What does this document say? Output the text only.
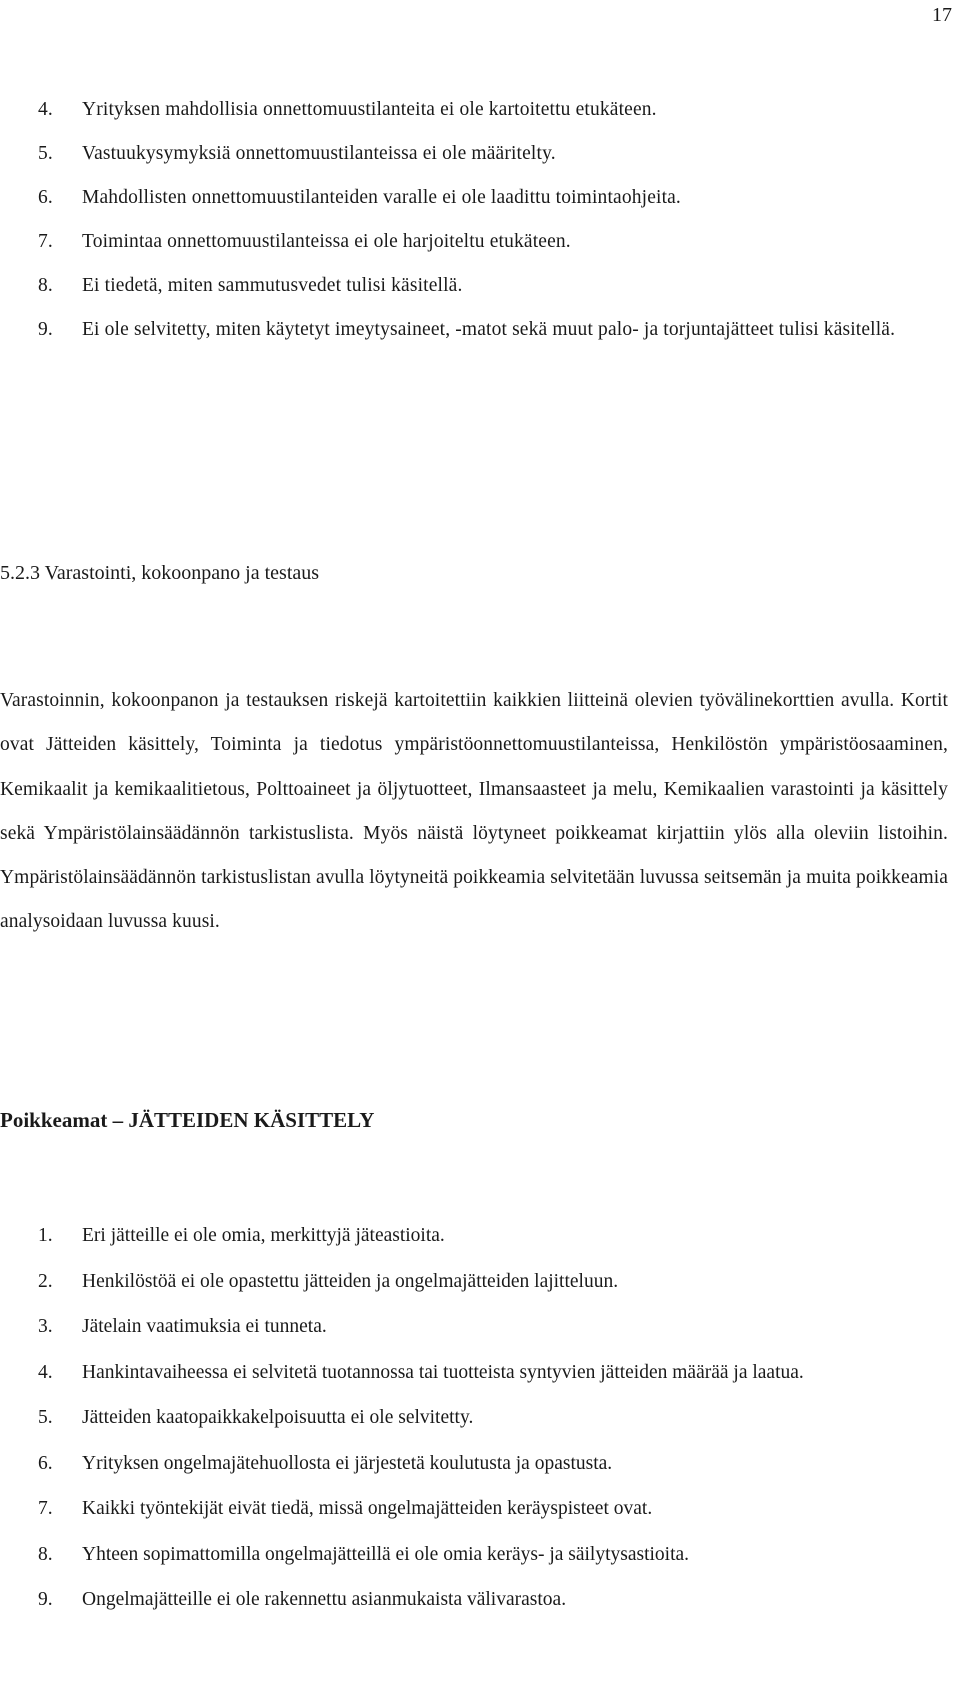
17
4. Yrityksen mahdollisia onnettomuustilanteita ei ole kartoitettu etukäteen.
5. Vastuukysymyksiä onnettomuustilanteissa ei ole määritelty.
6. Mahdollisten onnettomuustilanteiden varalle ei ole laadittu toimintaohjeita.
7. Toimintaa onnettomuustilanteissa ei ole harjoiteltu etukäteen.
8. Ei tiedetä, miten sammutusvedet tulisi käsitellä.
9. Ei ole selvitetty, miten käytetyt imeytysaineet, -matot sekä muut palo- ja torjuntajätteet tulisi käsitellä.
5.2.3 Varastointi, kokoonpano ja testaus

Varastoinnin, kokoonpanon ja testauksen riskejä kartoitettiin kaikkien liitteinä olevien työvälinekorttien avulla. Kortit ovat Jätteiden käsittely, Toiminta ja tiedotus ympäristöonnettomuustilanteissa, Henkilöstön ympäristöosaaminen, Kemikaalit ja kemikaalitietous, Polttoaineet ja öljytuotteet, Ilmansaasteet ja melu, Kemikaalien varastointi ja käsittely sekä Ympäristölainsäädännön tarkistuslista. Myös näistä löytyneet poikkeamat kirjattiin ylös alla oleviin listoihin. Ympäristölainsäädännön tarkistuslistan avulla löytyneitä poikkeamia selvitetään luvussa seitsemän ja muita poikkeamia analysoidaan luvussa kuusi.

Poikkeamat – JÄTTEIDEN KÄSITTELY
1. Eri jätteille ei ole omia, merkittyjä jäteastioita.
2. Henkilöstöä ei ole opastettu jätteiden ja ongelmajätteiden lajitteluun.
3. Jätelain vaatimuksia ei tunneta.
4. Hankintavaiheessa ei selvitetä tuotannossa tai tuotteista syntyvien jätteiden määrää ja laatua.
5. Jätteiden kaatopaikkakelpoisuutta ei ole selvitetty.
6. Yrityksen ongelmajätehuollosta ei järjestetä koulutusta ja opastusta.
7. Kaikki työntekijät eivät tiedä, missä ongelmajätteiden keräyspisteet ovat.
8. Yhteen sopimattomilla ongelmajätteillä ei ole omia keräys- ja säilytysastioita.
9. Ongelmajätteille ei ole rakennettu asianmukaista välivarastoa.
